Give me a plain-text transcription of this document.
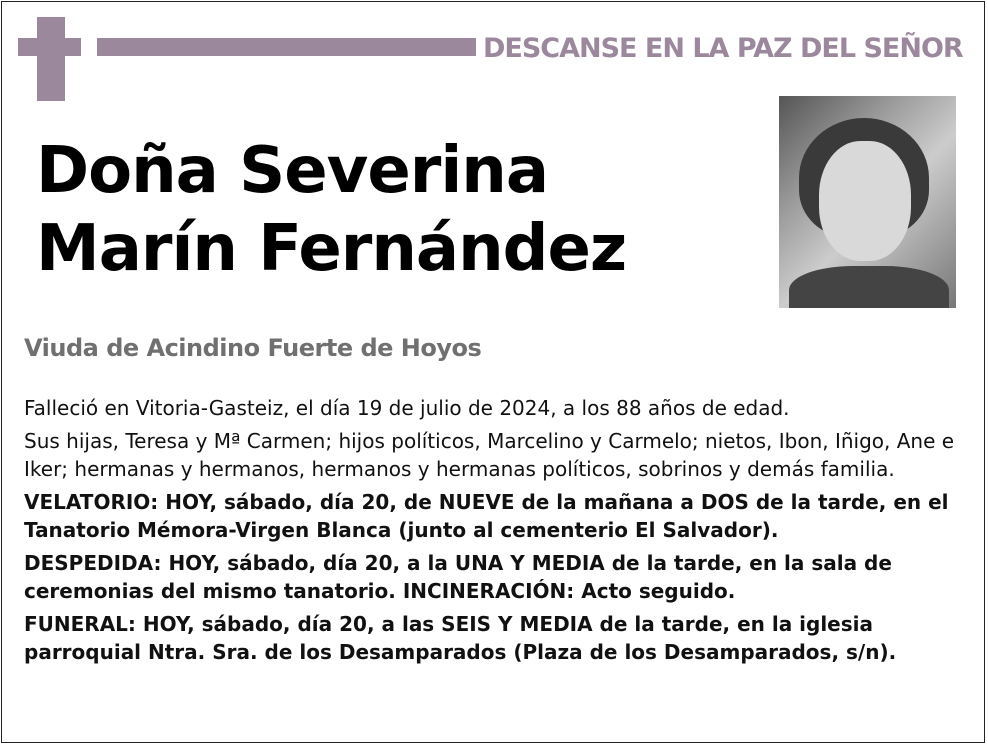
DESCANSE EN LA PAZ DEL SEÑOR
Doña Severina
Marín Fernández
Viuda de Acindino Fuerte de Hoyos

Falleció en Vitoria-Gasteiz, el día 19 de julio de 2024, a los 88 años de edad.

Sus hijas, Teresa y Mª Carmen; hijos políticos, Marcelino y Carmelo; nietos, Ibon, Iñigo, Ane e Iker; hermanas y hermanos, hermanos y hermanas políticos, sobrinos y demás familia.

VELATORIO: HOY, sábado, día 20, de NUEVE de la mañana a DOS de la tarde, en el Tanatorio Mémora-Virgen Blanca (junto al cementerio El Salvador).

DESPEDIDA: HOY, sábado, día 20, a la UNA Y MEDIA de la tarde, en la sala de ceremonias del mismo tanatorio. INCINERACIÓN: Acto seguido.

FUNERAL: HOY, sábado, día 20, a las SEIS Y MEDIA de la tarde, en la iglesia parroquial Ntra. Sra. de los Desamparados (Plaza de los Desamparados, s/n).
